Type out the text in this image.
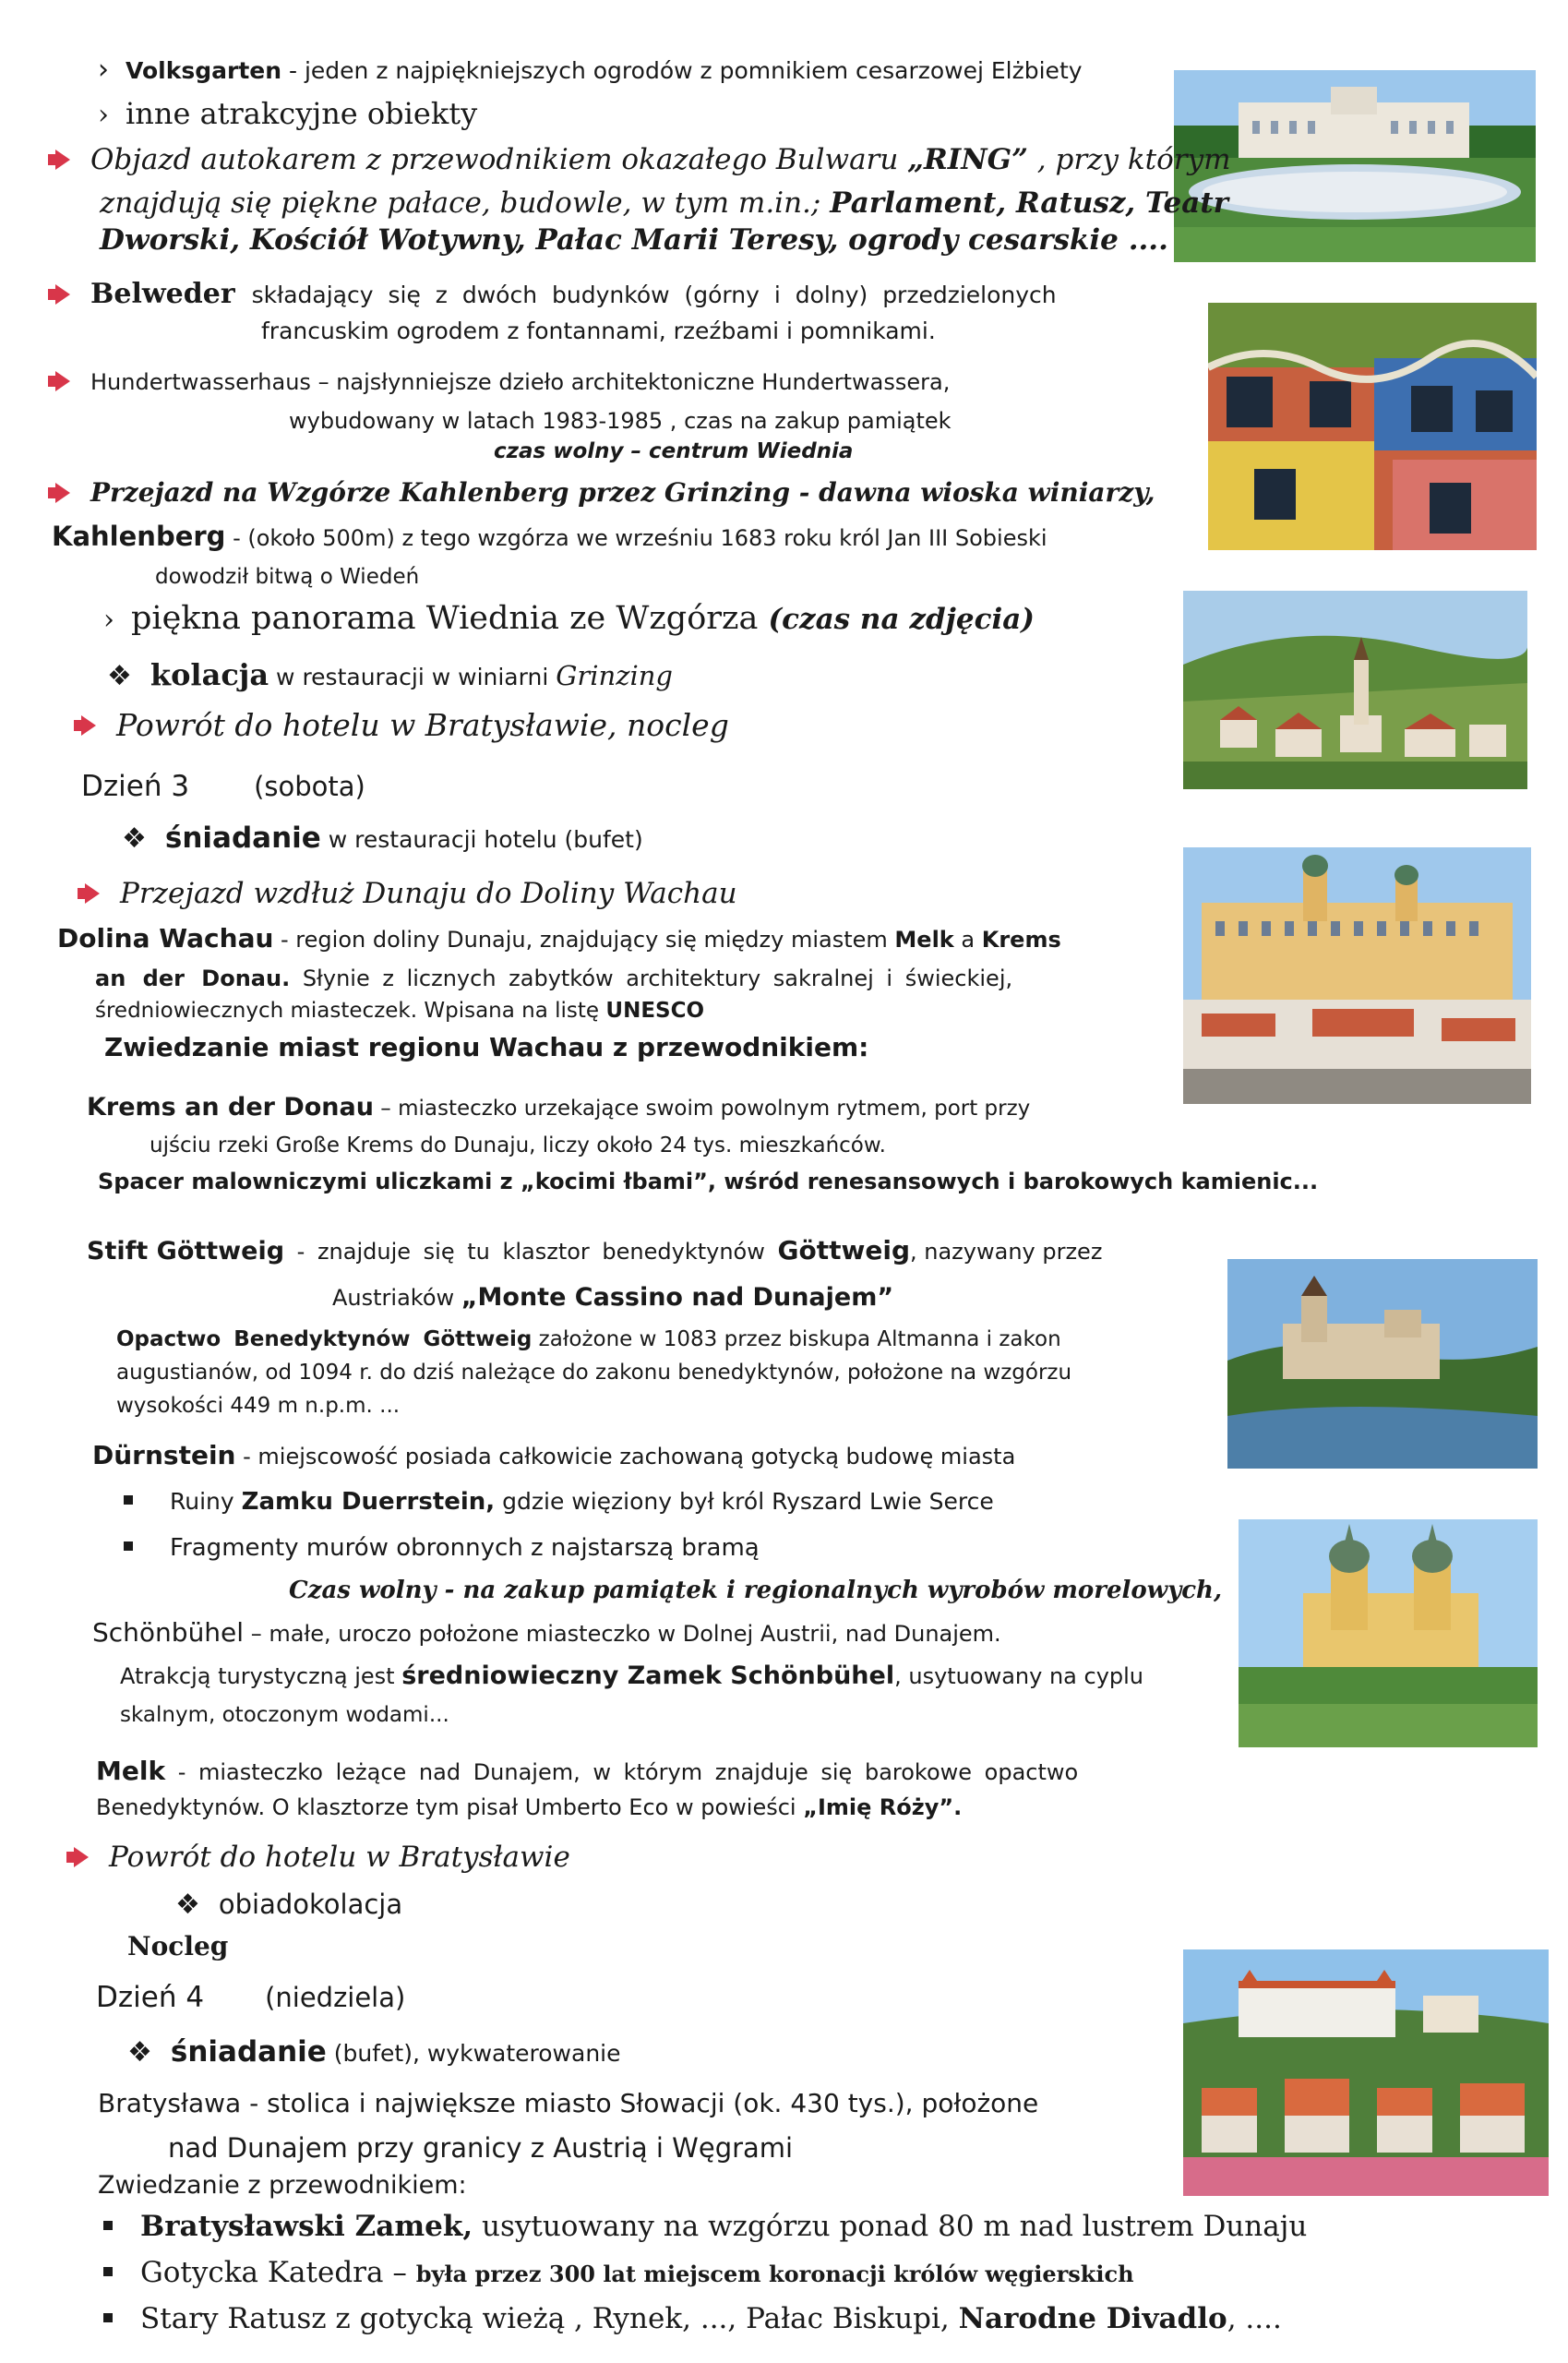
› Volksgarten - jeden z najpiękniejszych ogrodów z pomnikiem cesarzowej Elżbiety
› inne atrakcyjne obiekty
Objazd autokarem z przewodnikiem okazałego Bulwaru „RING” , przy którym
znajdują się piękne pałace, budowle, w tym m.in.; Parlament, Ratusz, Teatr
Dworski, Kościół Wotywny, Pałac Marii Teresy, ogrody cesarskie ....
Belweder składający się z dwóch budynków (górny i dolny) przedzielonych
francuskim ogrodem z fontannami, rzeźbami i pomnikami.
Hundertwasserhaus – najsłynniejsze dzieło architektoniczne Hundertwassera,
wybudowany w latach 1983-1985 , czas na zakup pamiątek
czas wolny – centrum Wiednia
Przejazd na Wzgórze Kahlenberg przez Grinzing - dawna wioska winiarzy,
Kahlenberg - (około 500m) z tego wzgórza we wrześniu 1683 roku król Jan III Sobieski
dowodził bitwą o Wiedeń
› piękna panorama Wiednia ze Wzgórza (czas na zdjęcia)
❖ kolacja w restauracji w winiarni Grinzing
Powrót do hotelu w Bratysławie, nocleg
Dzień 3 (sobota)
❖ śniadanie w restauracji hotelu (bufet)
Przejazd wzdłuż Dunaju do Doliny Wachau
Dolina Wachau - region doliny Dunaju, znajdujący się między miastem Melk a Krems
an der Donau. Słynie z licznych zabytków architektury sakralnej i świeckiej,
średniowiecznych miasteczek. Wpisana na listę UNESCO
Zwiedzanie miast regionu Wachau z przewodnikiem:
Krems an der Donau – miasteczko urzekające swoim powolnym rytmem, port przy
ujściu rzeki Große Krems do Dunaju, liczy około 24 tys. mieszkańców.
Spacer malowniczymi uliczkami z „kocimi łbami”, wśród renesansowych i barokowych kamienic...
Stift Göttweig - znajduje się tu klasztor benedyktynów Göttweig, nazywany przez
Austriaków „Monte Cassino nad Dunajem”
Opactwo Benedyktynów Göttweig założone w 1083 przez biskupa Altmanna i zakon
augustianów, od 1094 r. do dziś należące do zakonu benedyktynów, położone na wzgórzu
wysokości 449 m n.p.m. ...
Dürnstein - miejscowość posiada całkowicie zachowaną gotycką budowę miasta
Ruiny Zamku Duerrstein, gdzie więziony był król Ryszard Lwie Serce
Fragmenty murów obronnych z najstarszą bramą
Czas wolny - na zakup pamiątek i regionalnych wyrobów morelowych,
Schönbühel – małe, uroczo położone miasteczko w Dolnej Austrii, nad Dunajem.
Atrakcją turystyczną jest średniowieczny Zamek Schönbühel, usytuowany na cyplu
skalnym, otoczonym wodami...
Melk - miasteczko leżące nad Dunajem, w którym znajduje się barokowe opactwo
Benedyktynów. O klasztorze tym pisał Umberto Eco w powieści „Imię Róży”.
Powrót do hotelu w Bratysławie
❖ obiadokolacja
Nocleg
Dzień 4 (niedziela)
❖ śniadanie (bufet), wykwaterowanie
Bratysława - stolica i największe miasto Słowacji (ok. 430 tys.), położone
nad Dunajem przy granicy z Austrią i Węgrami
Zwiedzanie z przewodnikiem:
Bratysławski Zamek, usytuowany na wzgórzu ponad 80 m nad lustrem Dunaju
Gotycka Katedra – była przez 300 lat miejscem koronacji królów węgierskich
Stary Ratusz z gotycką wieżą , Rynek, ..., Pałac Biskupi, Narodne Divadlo, ....
